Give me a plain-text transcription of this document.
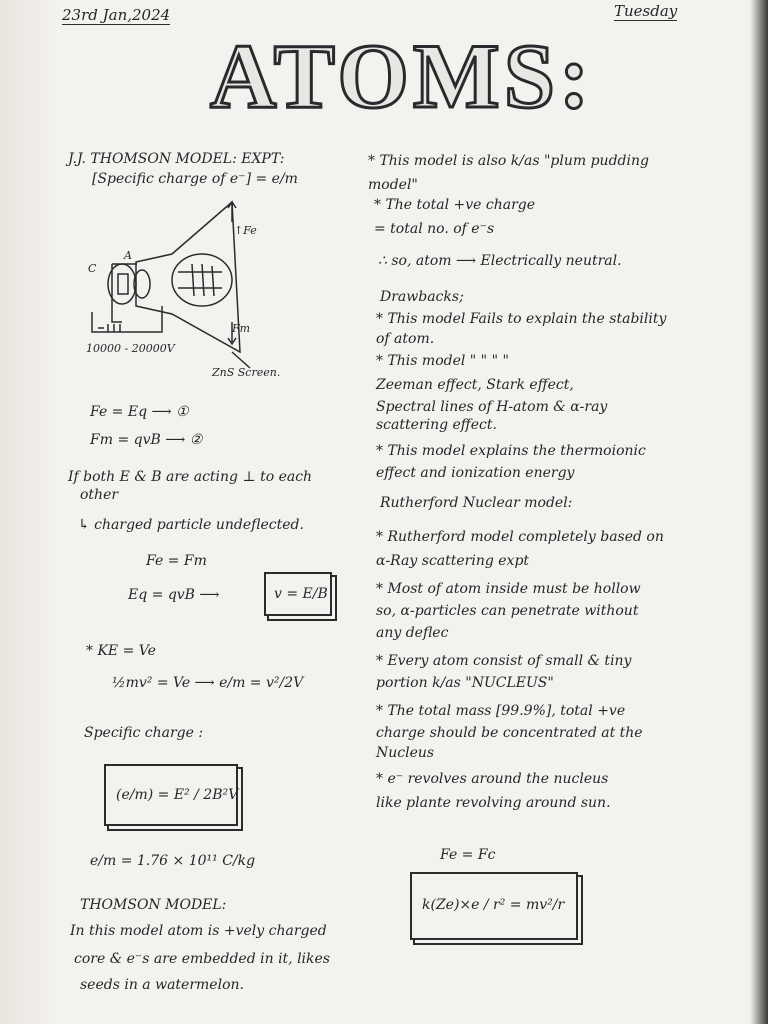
23rd Jan,2024	Tuesday
ATOMS:
J.J. THOMSON MODEL: EXPT:
[Specific charge of e⁻] = e/m
↑Fe
Fm
C
A
10000 - 20000V
ZnS Screen.
Fe = Eq ⟶ ①
Fm = qvB ⟶ ②
If both E & B are acting ⊥ to each
other
↳ charged particle undeflected.
Fe = Fm
Eq = qvB ⟶	v = E/B
* KE = Ve
½mv² = Ve ⟶ e/m = v²/2V
Specific charge :
(e/m) = E² / 2B²V
e/m = 1.76 × 10¹¹ C/kg
THOMSON MODEL:
In this model atom is +vely charged
core & e⁻s are embedded in it, likes
seeds in a watermelon.
* This model is also k/as "plum pudding
model"
* The total +ve charge
= total no. of e⁻s
∴ so, atom ⟶ Electrically neutral.
Drawbacks;
* This model Fails to explain the stability
of atom.
* This model " " " "
Zeeman effect, Stark effect,
Spectral lines of H-atom & α-ray
scattering effect.
* This model explains the thermoionic
effect and ionization energy
Rutherford Nuclear model:
* Rutherford model completely based on
α-Ray scattering expt
* Most of atom inside must be hollow
so, α-particles can penetrate without
any deflec
* Every atom consist of small & tiny
portion k/as "NUCLEUS"
* The total mass [99.9%], total +ve
charge should be concentrated at the
Nucleus
* e⁻ revolves around the nucleus
like plante revolving around sun.
Fe = Fc
k(Ze)×e / r² = mv²/r
